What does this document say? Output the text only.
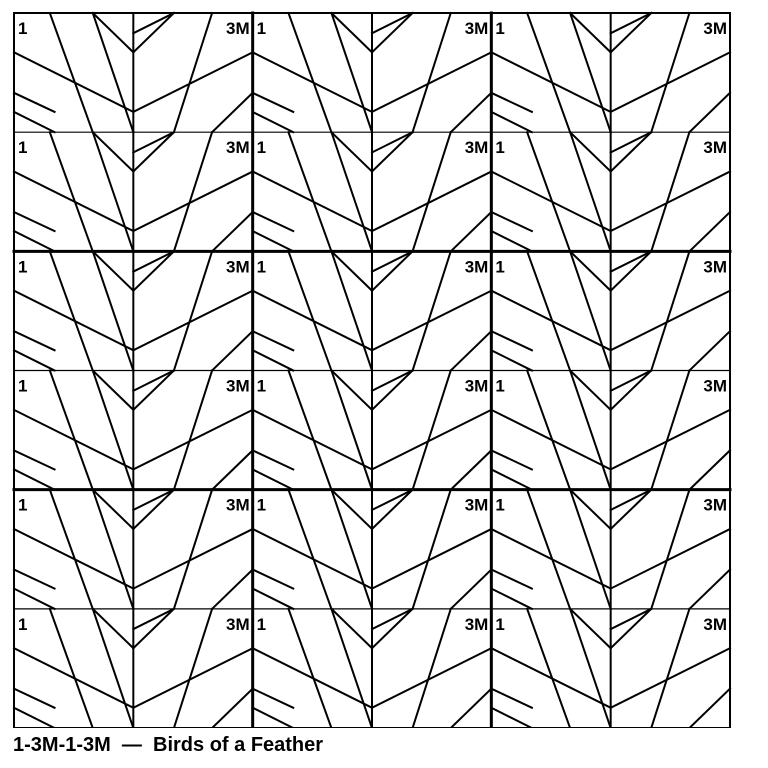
1	3M 1	3M 1	3M
1	3M 1	3M 1	3M
1	3M 1	3M 1	3M
1	3M 1	3M 1	3M
1	3M 1	3M 1	3M
1	3M 1	3M 1	3M
1-3M-1-3M  —  Birds of a Feather
